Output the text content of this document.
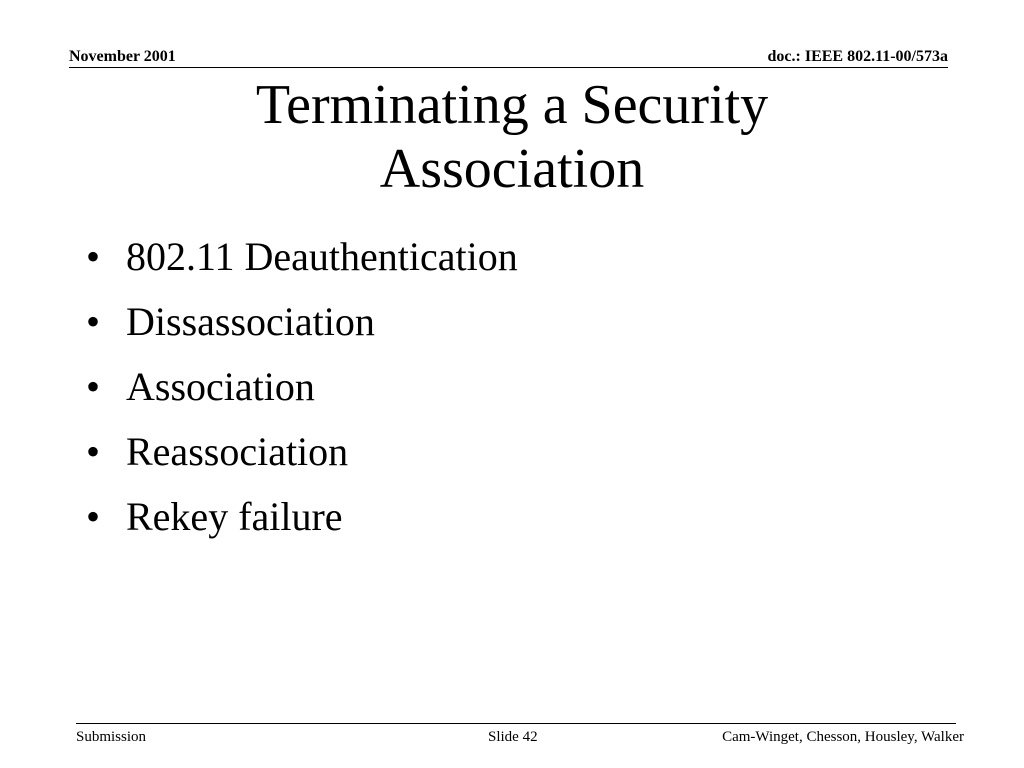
November 2001	doc.: IEEE 802.11-00/573a
Terminating a Security
Association
• 802.11 Deauthentication
• Dissassociation
• Association
• Reassociation
• Rekey failure
Submission	Slide 42	Cam-Winget, Chesson, Housley, Walker
